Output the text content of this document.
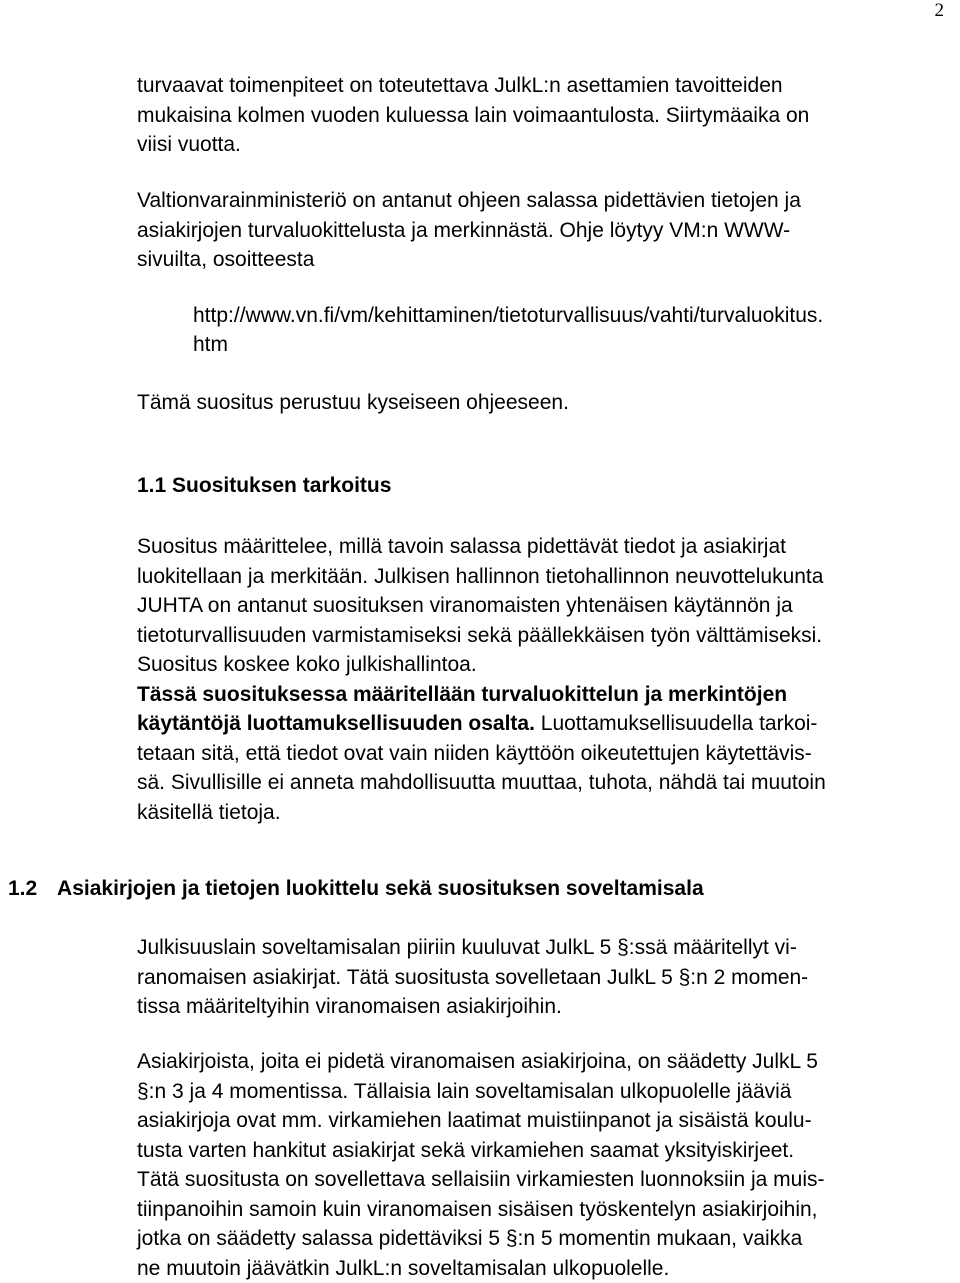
2
turvaavat toimenpiteet on toteutettava JulkL:n asettamien tavoitteiden
mukaisina kolmen vuoden kuluessa lain voimaantulosta. Siirtymäaika on
viisi vuotta.
Valtionvarainministeriö on antanut ohjeen salassa pidettävien tietojen ja
asiakirjojen turvaluokittelusta ja merkinnästä. Ohje löytyy VM:n WWW-
sivuilta, osoitteesta
http://www.vn.fi/vm/kehittaminen/tietoturvallisuus/vahti/turvaluokitus.
htm
Tämä suositus perustuu kyseiseen ohjeeseen.
1.1 Suosituksen tarkoitus
Suositus määrittelee, millä tavoin salassa pidettävät tiedot ja asiakirjat
luokitellaan ja merkitään. Julkisen hallinnon tietohallinnon neuvottelukunta
JUHTA on antanut suosituksen viranomaisten yhtenäisen käytännön ja
tietoturvallisuuden varmistamiseksi sekä päällekkäisen työn välttämiseksi.
Suositus koskee koko julkishallintoa.
Tässä suosituksessa määritellään turvaluokittelun ja merkintöjen
käytäntöjä luottamuksellisuuden osalta. Luottamuksellisuudella tarkoi-
tetaan sitä, että tiedot ovat vain niiden käyttöön oikeutettujen käytettävis-
sä. Sivullisille ei anneta mahdollisuutta muuttaa, tuhota, nähdä tai muutoin
käsitellä tietoja.
1.2 Asiakirjojen ja tietojen luokittelu sekä suosituksen soveltamisala
Julkisuuslain soveltamisalan piiriin kuuluvat JulkL 5 §:ssä määritellyt vi-
ranomaisen asiakirjat. Tätä suositusta sovelletaan JulkL 5 §:n 2 momen-
tissa määriteltyihin viranomaisen asiakirjoihin.
Asiakirjoista, joita ei pidetä viranomaisen asiakirjoina, on säädetty JulkL 5
§:n 3 ja 4 momentissa. Tällaisia lain soveltamisalan ulkopuolelle jääviä
asiakirjoja ovat mm. virkamiehen laatimat muistiinpanot ja sisäistä koulu-
tusta varten hankitut asiakirjat sekä virkamiehen saamat yksityiskirjeet.
Tätä suositusta on sovellettava sellaisiin virkamiesten luonnoksiin ja muis-
tiinpanoihin samoin kuin viranomaisen sisäisen työskentelyn asiakirjoihin,
jotka on säädetty salassa pidettäviksi 5 §:n 5 momentin mukaan, vaikka
ne muutoin jäävätkin JulkL:n soveltamisalan ulkopuolelle.
